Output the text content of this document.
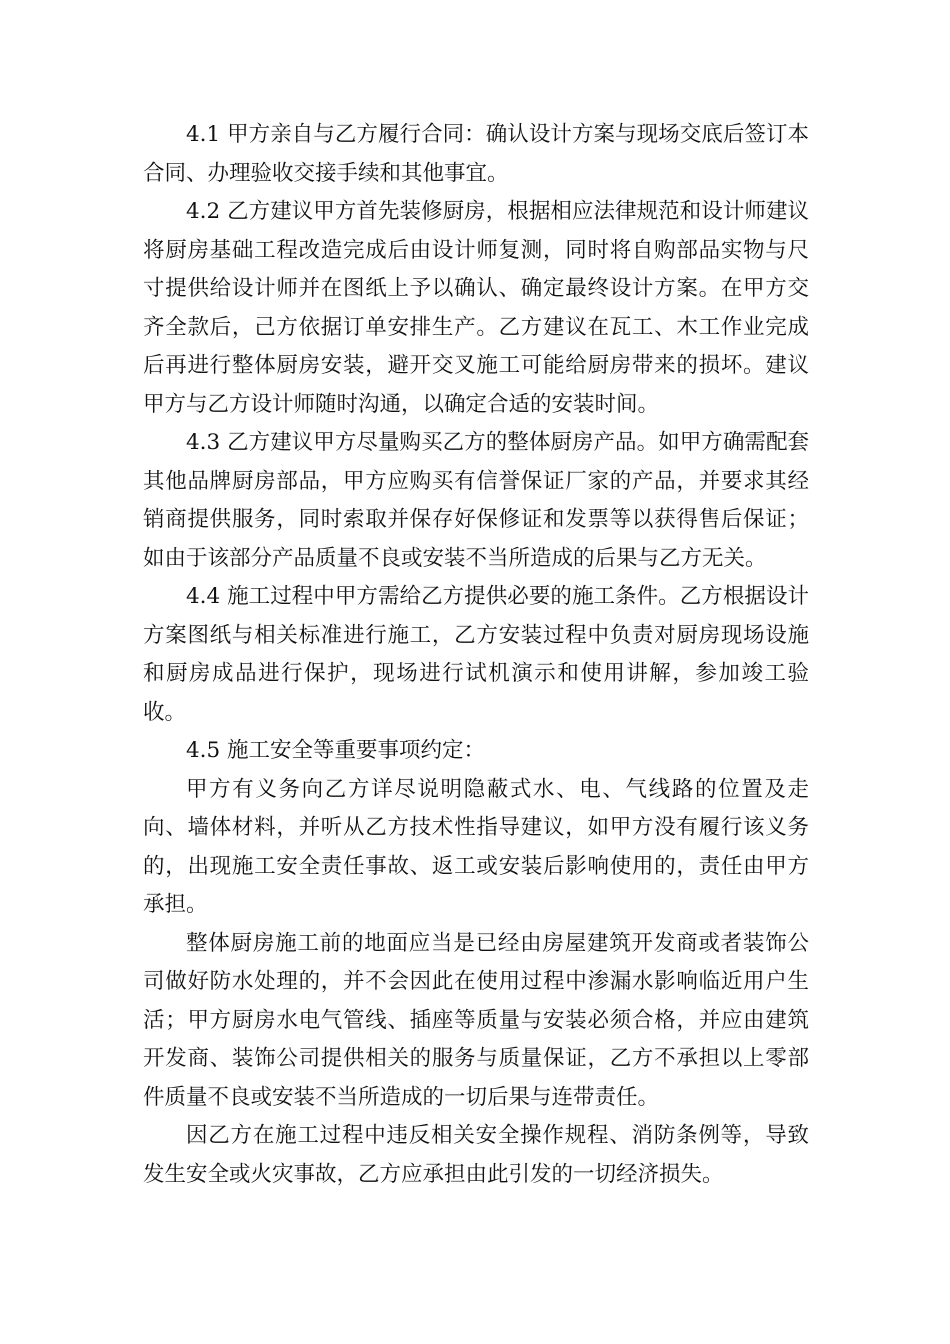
4.1 甲方亲自与乙方履行合同：确认设计方案与现场交底后签订本合同、办理验收交接手续和其他事宜。

4.2 乙方建议甲方首先装修厨房，根据相应法律规范和设计师建议将厨房基础工程改造完成后由设计师复测，同时将自购部品实物与尺寸提供给设计师并在图纸上予以确认、确定最终设计方案。在甲方交齐全款后，己方依据订单安排生产。乙方建议在瓦工、木工作业完成后再进行整体厨房安装，避开交叉施工可能给厨房带来的损坏。建议甲方与乙方设计师随时沟通，以确定合适的安装时间。

4.3 乙方建议甲方尽量购买乙方的整体厨房产品。如甲方确需配套其他品牌厨房部品，甲方应购买有信誉保证厂家的产品，并要求其经销商提供服务，同时索取并保存好保修证和发票等以获得售后保证；如由于该部分产品质量不良或安装不当所造成的后果与乙方无关。

4.4 施工过程中甲方需给乙方提供必要的施工条件。乙方根据设计方案图纸与相关标准进行施工，乙方安装过程中负责对厨房现场设施和厨房成品进行保护，现场进行试机演示和使用讲解，参加竣工验收。

4.5 施工安全等重要事项约定：

甲方有义务向乙方详尽说明隐蔽式水、电、气线路的位置及走向、墙体材料，并听从乙方技术性指导建议，如甲方没有履行该义务的，出现施工安全责任事故、返工或安装后影响使用的，责任由甲方承担。

整体厨房施工前的地面应当是已经由房屋建筑开发商或者装饰公司做好防水处理的，并不会因此在使用过程中渗漏水影响临近用户生活；甲方厨房水电气管线、插座等质量与安装必须合格，并应由建筑开发商、装饰公司提供相关的服务与质量保证，乙方不承担以上零部件质量不良或安装不当所造成的一切后果与连带责任。

因乙方在施工过程中违反相关安全操作规程、消防条例等，导致发生安全或火灾事故，乙方应承担由此引发的一切经济损失。
